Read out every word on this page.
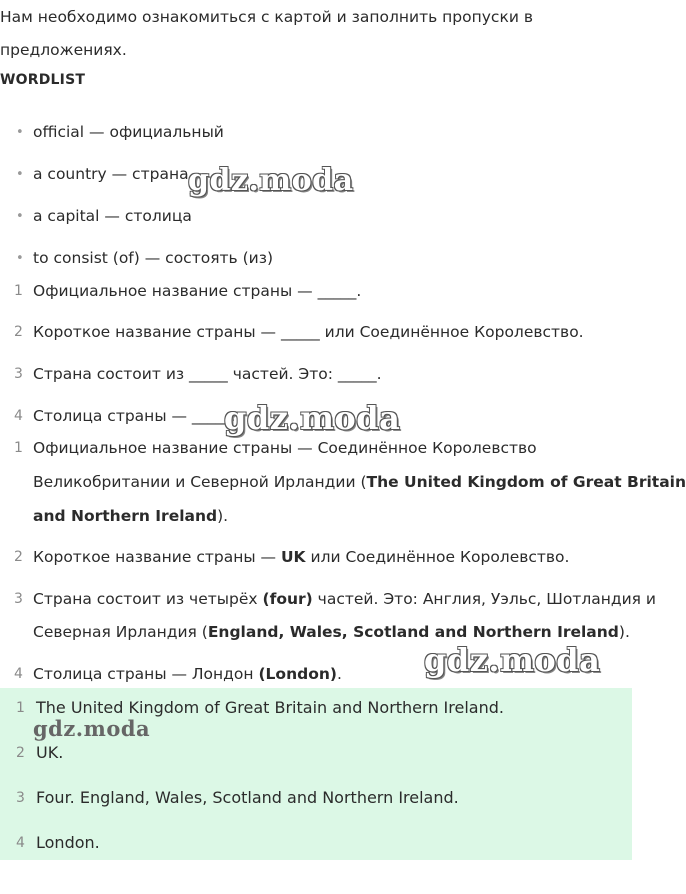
Нам необходимо ознакомиться с картой и заполнить пропуски в
предложениях.
WORDLIST
• official — официальный
• a country — страна
• a capital — столица
• to consist (of) — состоять (из)
1 Официальное название страны — _____.
2 Короткое название страны — _____ или Соединённое Королевство.
3 Страна состоит из _____ частей. Это: _____.
4 Столица страны — _____.
1 Официальное название страны — Соединённое Королевство
Великобритании и Северной Ирландии (The United Kingdom of Great Britain
and Northern Ireland).
2 Короткое название страны — UK или Соединённое Королевство.
3 Страна состоит из четырёх (four) частей. Это: Англия, Уэльс, Шотландия и
Северная Ирландия (England, Wales, Scotland and Northern Ireland).
4 Столица страны — Лондон (London).
1 The United Kingdom of Great Britain and Northern Ireland.
2 UK.
3 Four. England, Wales, Scotland and Northern Ireland.
4 London.
gdz.moda
gdz.moda
gdz.moda
gdz.moda
